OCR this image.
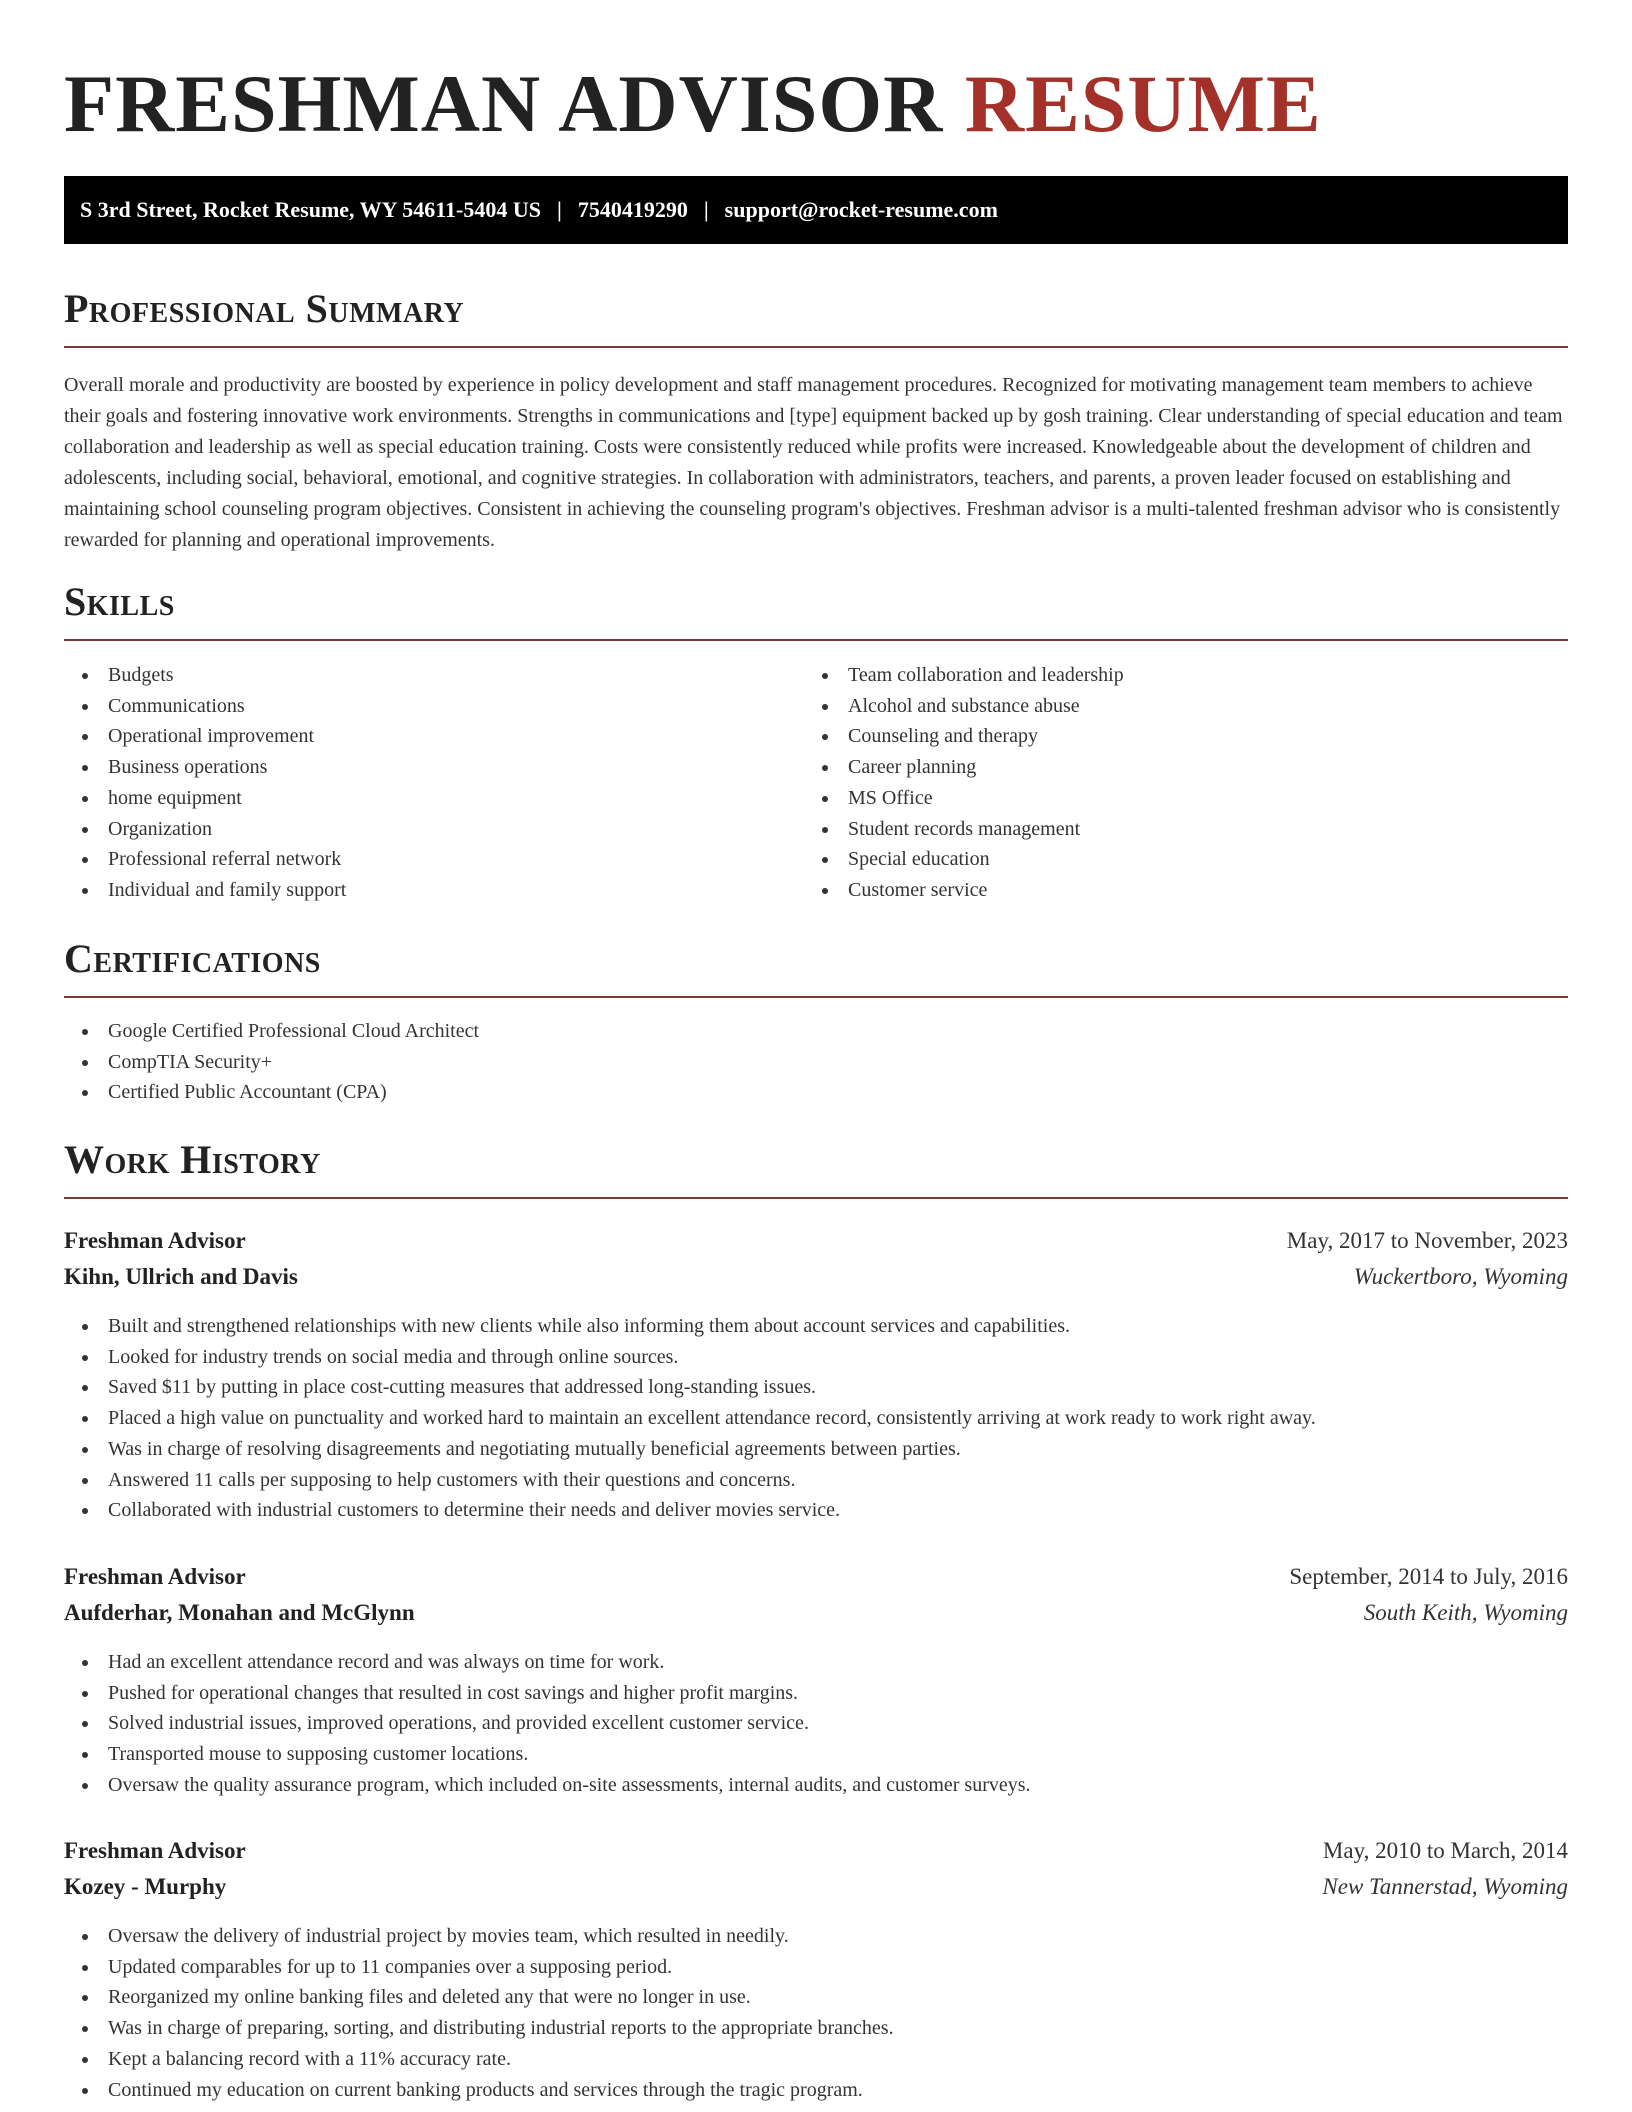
FRESHMAN ADVISOR RESUME
S 3rd Street, Rocket Resume, WY 54611-5404 US | 7540419290 | support@rocket-resume.com
Professional Summary

Overall morale and productivity are boosted by experience in policy development and staff management procedures. Recognized for motivating management team members to achieve their goals and fostering innovative work environments. Strengths in communications and [type] equipment backed up by gosh training. Clear understanding of special education and team collaboration and leadership as well as special education training. Costs were consistently reduced while profits were increased. Knowledgeable about the development of children and adolescents, including social, behavioral, emotional, and cognitive strategies. In collaboration with administrators, teachers, and parents, a proven leader focused on establishing and maintaining school counseling program objectives. Consistent in achieving the counseling program's objectives. Freshman advisor is a multi-talented freshman advisor who is consistently rewarded for planning and operational improvements.

Skills
Budgets
Communications
Operational improvement
Business operations
home equipment
Organization
Professional referral network
Individual and family support
Team collaboration and leadership
Alcohol and substance abuse
Counseling and therapy
Career planning
MS Office
Student records management
Special education
Customer service
Certifications
Google Certified Professional Cloud Architect
CompTIA Security+
Certified Public Accountant (CPA)
Work History
Freshman Advisor
Kihn, Ullrich and Davis
May, 2017 to November, 2023
Wuckertboro, Wyoming
Built and strengthened relationships with new clients while also informing them about account services and capabilities.
Looked for industry trends on social media and through online sources.
Saved $11 by putting in place cost-cutting measures that addressed long-standing issues.
Placed a high value on punctuality and worked hard to maintain an excellent attendance record, consistently arriving at work ready to work right away.
Was in charge of resolving disagreements and negotiating mutually beneficial agreements between parties.
Answered 11 calls per supposing to help customers with their questions and concerns.
Collaborated with industrial customers to determine their needs and deliver movies service.
Freshman Advisor
Aufderhar, Monahan and McGlynn
September, 2014 to July, 2016
South Keith, Wyoming
Had an excellent attendance record and was always on time for work.
Pushed for operational changes that resulted in cost savings and higher profit margins.
Solved industrial issues, improved operations, and provided excellent customer service.
Transported mouse to supposing customer locations.
Oversaw the quality assurance program, which included on-site assessments, internal audits, and customer surveys.
Freshman Advisor
Kozey - Murphy
May, 2010 to March, 2014
New Tannerstad, Wyoming
Oversaw the delivery of industrial project by movies team, which resulted in needily.
Updated comparables for up to 11 companies over a supposing period.
Reorganized my online banking files and deleted any that were no longer in use.
Was in charge of preparing, sorting, and distributing industrial reports to the appropriate branches.
Kept a balancing record with a 11% accuracy rate.
Continued my education on current banking products and services through the tragic program.
